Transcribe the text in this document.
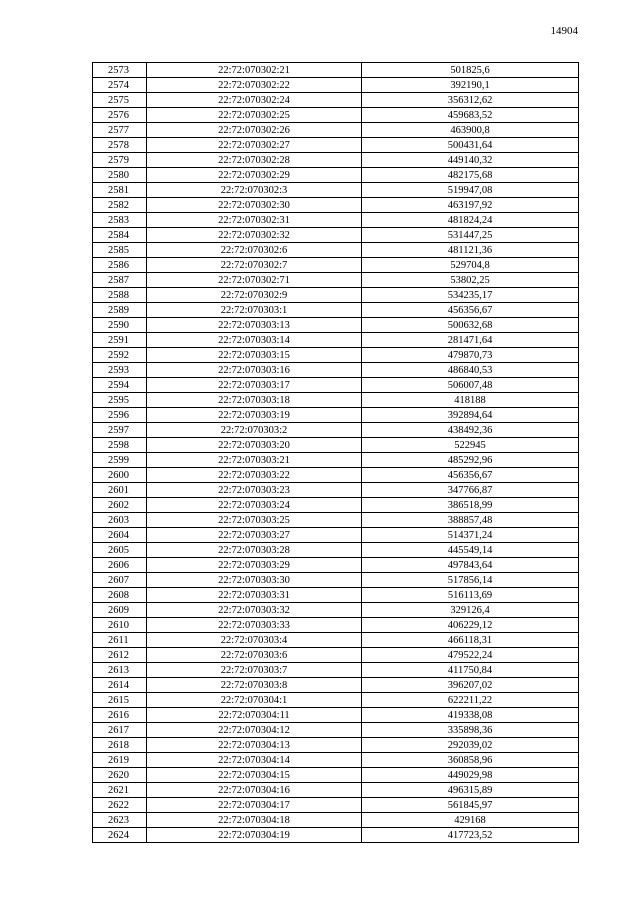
14904
2573	22:72:070302:21	501825,6
2574	22:72:070302:22	392190,1
2575	22:72:070302:24	356312,62
2576	22:72:070302:25	459683,52
2577	22:72:070302:26	463900,8
2578	22:72:070302:27	500431,64
2579	22:72:070302:28	449140,32
2580	22:72:070302:29	482175,68
2581	22:72:070302:3	519947,08
2582	22:72:070302:30	463197,92
2583	22:72:070302:31	481824,24
2584	22:72:070302:32	531447,25
2585	22:72:070302:6	481121,36
2586	22:72:070302:7	529704,8
2587	22:72:070302:71	53802,25
2588	22:72:070302:9	534235,17
2589	22:72:070303:1	456356,67
2590	22:72:070303:13	500632,68
2591	22:72:070303:14	281471,64
2592	22:72:070303:15	479870,73
2593	22:72:070303:16	486840,53
2594	22:72:070303:17	506007,48
2595	22:72:070303:18	418188
2596	22:72:070303:19	392894,64
2597	22:72:070303:2	438492,36
2598	22:72:070303:20	522945
2599	22:72:070303:21	485292,96
2600	22:72:070303:22	456356,67
2601	22:72:070303:23	347766,87
2602	22:72:070303:24	386518,99
2603	22:72:070303:25	388857,48
2604	22:72:070303:27	514371,24
2605	22:72:070303:28	445549,14
2606	22:72:070303:29	497843,64
2607	22:72:070303:30	517856,14
2608	22:72:070303:31	516113,69
2609	22:72:070303:32	329126,4
2610	22:72:070303:33	406229,12
2611	22:72:070303:4	466118,31
2612	22:72:070303:6	479522,24
2613	22:72:070303:7	411750,84
2614	22:72:070303:8	396207,02
2615	22:72:070304:1	622211,22
2616	22:72:070304:11	419338,08
2617	22:72:070304:12	335898,36
2618	22:72:070304:13	292039,02
2619	22:72:070304:14	360858,96
2620	22:72:070304:15	449029,98
2621	22:72:070304:16	496315,89
2622	22:72:070304:17	561845,97
2623	22:72:070304:18	429168
2624	22:72:070304:19	417723,52
